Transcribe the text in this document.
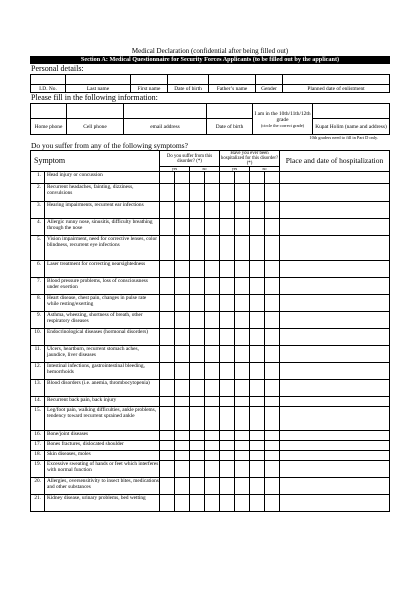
Medical Declaration (confidential after being filled out)
Section A: Medical Questionnaire for Security Forces Applicants (to be filled out by the applicant)
Personal details:

I.D. No.	Last name	First name	Date of birth	Father’s name	Gender	Planned date of enlistment
Please fill in the following information:

				I am in the 10th/11th/12th grade
(circle the correct grade)	

Home phone	Cell phone	email address	Date of birth		Kupat Holim (name and address)
10th graders need to fill in Part D only.
Do you suffer from any of the following symptoms?
Symptom		Do you suffer from this disorder? (*)				Have you ever been hospitalized for this disorder? (*)				Place and date of hospitalization
		yes		no		yes		no		
1.	Head injury or concussion									
2.	Recurrent headaches, fainting, dizziness, convulsions									
3.	Hearing impairments, recurrent ear infections									
4.	Allergic runny nose, sinusitis, difficulty breathing through the nose									
5.	Vision impairment, need for corrective lenses, color blindness, recurrent eye infections									
6.	Laser treatment for correcting nearsightedness									
7.	Blood pressure problems, loss of consciousness under exertion									
8.	Heart disease, chest pain, changes in pulse rate while resting/exerting									
9.	Asthma, wheezing, shortness of breath, other respiratory diseases									
10.	Endocrinological diseases (hormonal disorders)									
11.	Ulcers, heartburn, recurrent stomach aches, jaundice, liver diseases									
12.	Intestinal infections, gastrointestinal bleeding, hemorrhoids									
13.	Blood disorders (i.e. anemia, thrombocytopenia)									
14.	Recurrent back pain, back injury									
15.	Leg/foot pain, walking difficulties, ankle problems, tendency toward recurrent sprained ankle									
16.	Bone/joint diseases									
17.	Bones fractures, dislocated shoulder									
18.	Skin diseases, moles									
19.	Excessive sweating of hands or feet which interferes with normal function									
20.	Allergies, oversensitivity to insect bites, medications and other substances									
21.	Kidney disease, urinary problems, bed wetting									
